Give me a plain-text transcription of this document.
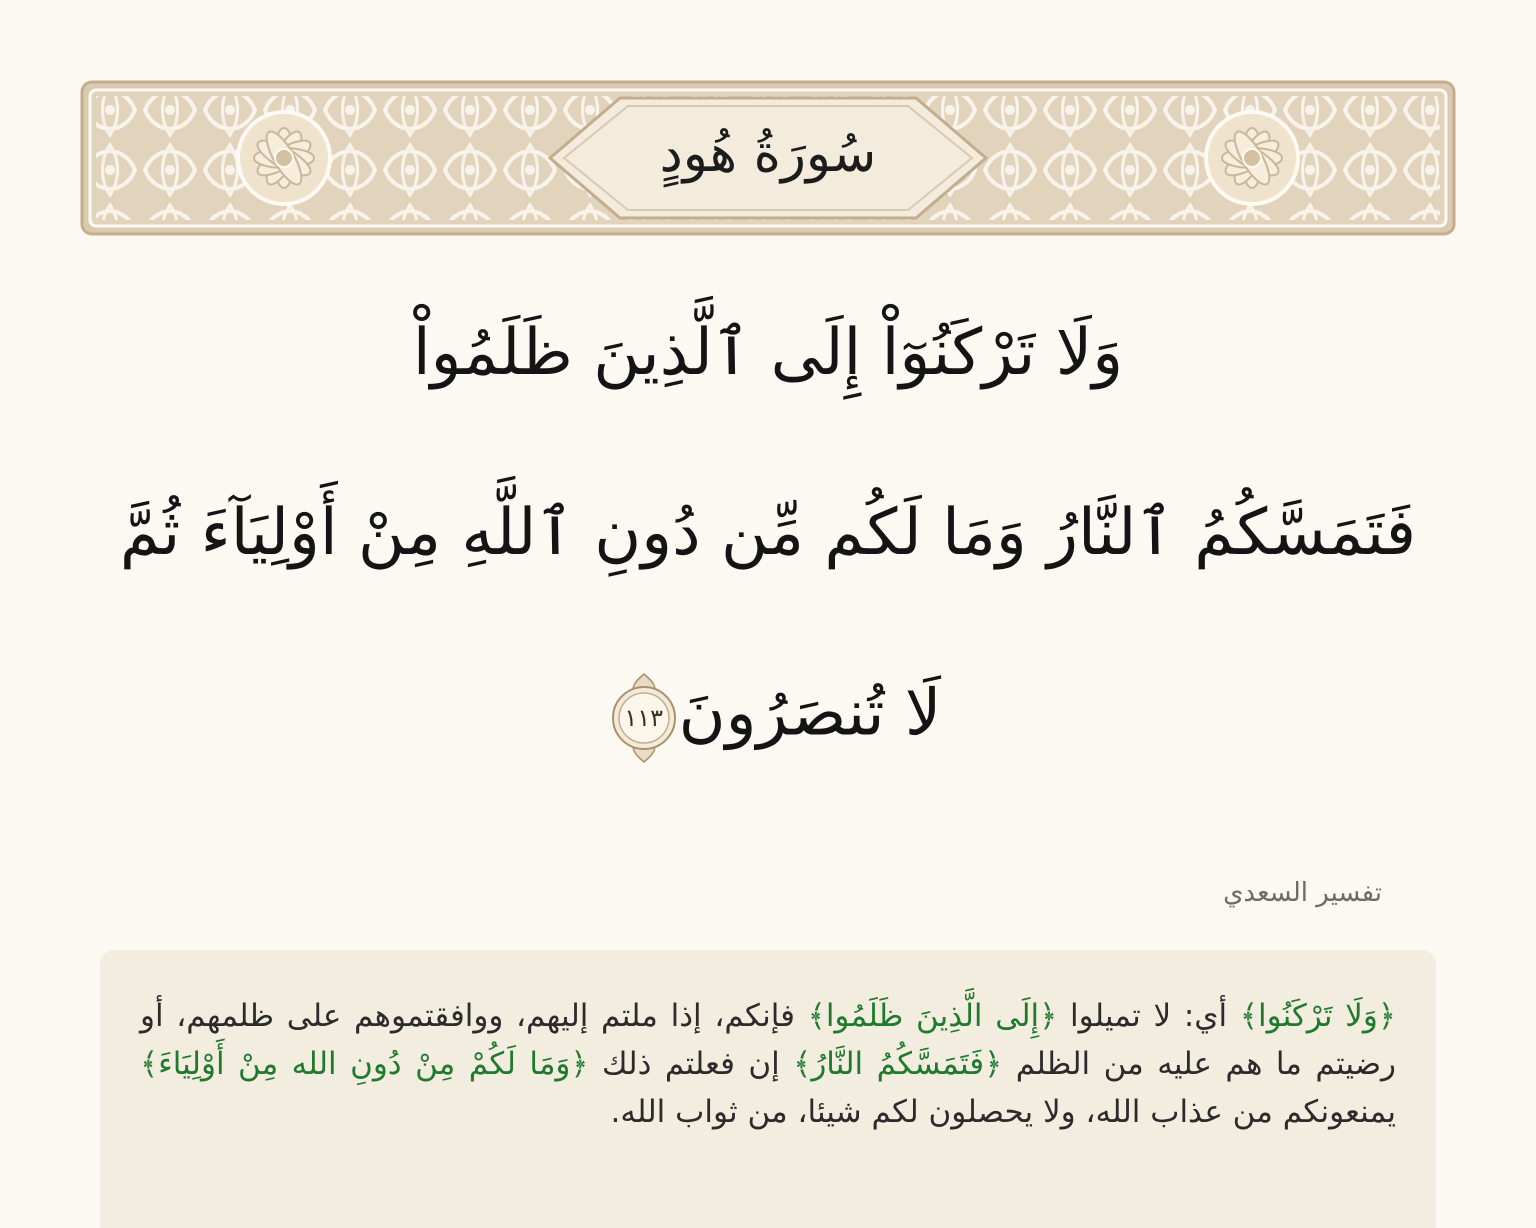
سُورَةُ هُودٍ
وَلَا تَرْكَنُوٓاْ إِلَى ٱلَّذِينَ ظَلَمُواْ
فَتَمَسَّكُمُ ٱلنَّارُ وَمَا لَكُم مِّن دُونِ ٱللَّهِ مِنْ أَوْلِيَآءَ ثُمَّ
لَا تُنصَرُونَ
١١٣
تفسير السعدي
﴿وَلَا تَرْكَنُوا﴾ أي: لا تميلوا ﴿إِلَى الَّذِينَ ظَلَمُوا﴾ فإنكم، إذا ملتم إليهم، ووافقتموهم على ظلمهم، أو رضيتم ما هم عليه من الظلم ﴿فَتَمَسَّكُمُ النَّارُ﴾ إن فعلتم ذلك ﴿وَمَا لَكُمْ مِنْ دُونِ الله مِنْ أَوْلِيَاءَ﴾ يمنعونكم من عذاب الله، ولا يحصلون لكم شيئا، من ثواب الله.
